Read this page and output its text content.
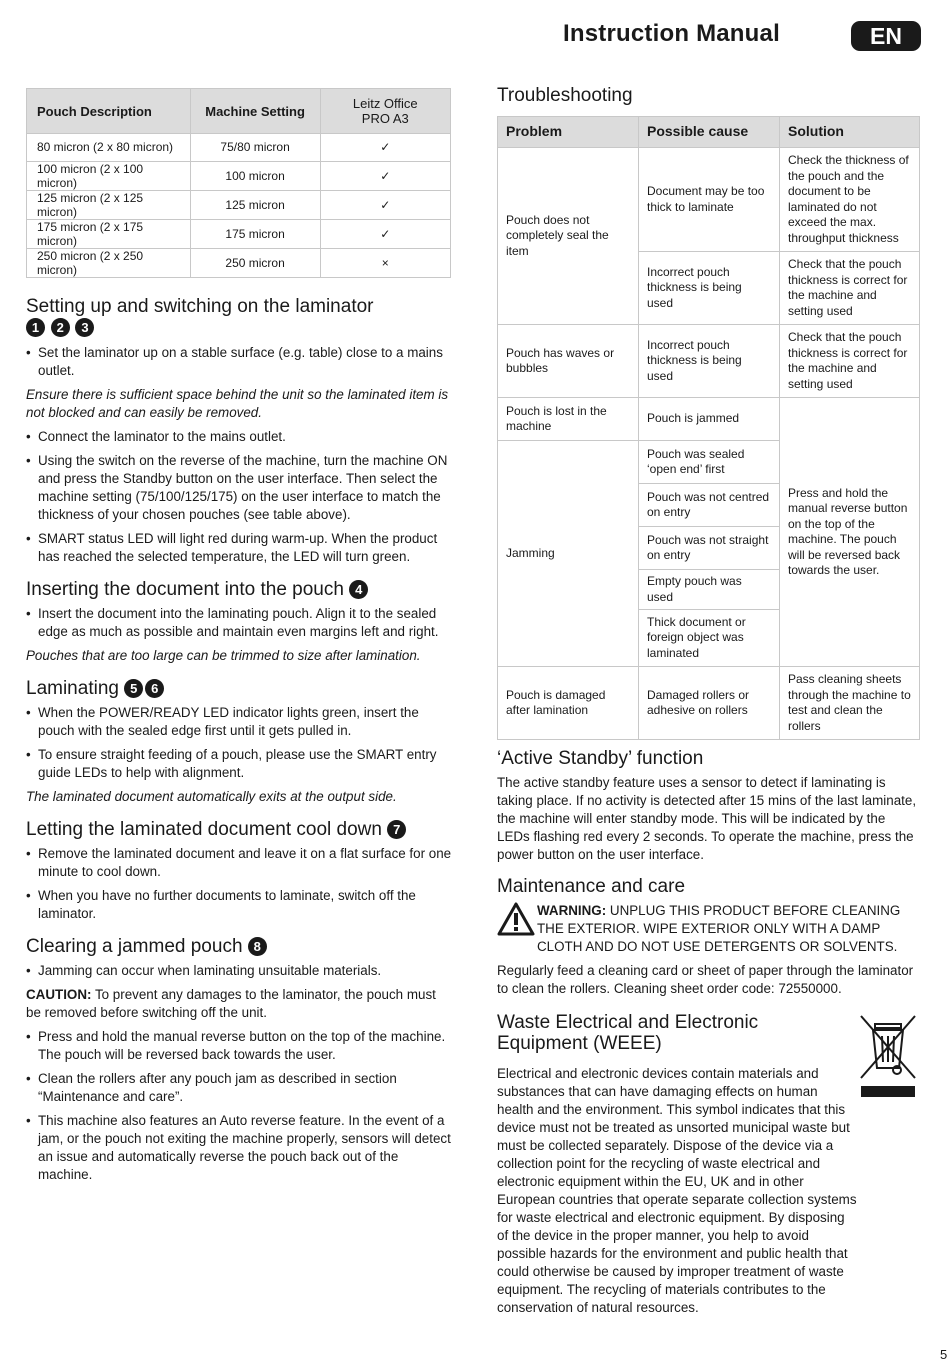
Instruction Manual	EN
Pouch Description	Machine Setting	Leitz Office PRO A3
80 micron (2 x 80 micron)	75/80 micron	✓
100 micron (2 x 100 micron)	100 micron	✓
125 micron (2 x 125 micron)	125 micron	✓
175 micron (2 x 175 micron)	175 micron	✓
250 micron (2 x 250 micron)	250 micron	×
Setting up and switching on the laminator
1 2 3
• Set the laminator up on a stable surface (e.g. table) close to a mains outlet.

Ensure there is sufficient space behind the unit so the laminated item is not blocked and can easily be removed.

• Connect the laminator to the mains outlet.
• Using the switch on the reverse of the machine, turn the machine ON and press the Standby button on the user interface. Then select the machine setting (75/100/125/175) on the user interface to match the thickness of your chosen pouches (see table above).
• SMART status LED will light red during warm-up. When the product has reached the selected temperature, the LED will turn green.
Inserting the document into the pouch 4
• Insert the document into the laminating pouch. Align it to the sealed edge as much as possible and maintain even margins left and right.

Pouches that are too large can be trimmed to size after lamination.

Laminating 5 6
• When the POWER/READY LED indicator lights green, insert the pouch with the sealed edge first until it gets pulled in.
• To ensure straight feeding of a pouch, please use the SMART entry guide LEDs to help with alignment.

The laminated document automatically exits at the output side.

Letting the laminated document cool down 7
• Remove the laminated document and leave it on a flat surface for one minute to cool down.
• When you have no further documents to laminate, switch off the laminator.
Clearing a jammed pouch 8
• Jamming can occur when laminating unsuitable materials.

CAUTION: To prevent any damages to the laminator, the pouch must be removed before switching off the unit.

• Press and hold the manual reverse button on the top of the machine. The pouch will be reversed back towards the user.
• Clean the rollers after any pouch jam as described in section “Maintenance and care”.
• This machine also features an Auto reverse feature. In the event of a jam, or the pouch not exiting the machine properly, sensors will detect an issue and automatically reverse the pouch back out of the machine.
Troubleshooting
Problem	Possible cause	Solution
Pouch does not completely seal the item	Document may be too thick to laminate	Check the thickness of the pouch and the document to be laminated do not exceed the max. throughput thickness
	Incorrect pouch thickness is being used	Check that the pouch thickness is correct for the machine and setting used
Pouch has waves or bubbles	Incorrect pouch thickness is being used	Check that the pouch thickness is correct for the machine and setting used
Pouch is lost in the machine	Pouch is jammed	Press and hold the manual reverse button on the top of the machine. The pouch will be reversed back towards the user.
Jamming	Pouch was sealed ‘open end’ first	
	Pouch was not centred on entry	
	Pouch was not straight on entry	
	Empty pouch was used	
	Thick document or foreign object was laminated	
Pouch is damaged after lamination	Damaged rollers or adhesive on rollers	Pass cleaning sheets through the machine to test and clean the rollers
‘Active Standby’ function

The active standby feature uses a sensor to detect if laminating is taking place. If no activity is detected after 15 mins of the last laminate, the machine will enter standby mode. This will be indicated by the LEDs flashing red every 2 seconds. To operate the machine, press the power button on the user interface.

Maintenance and care
WARNING: UNPLUG THIS PRODUCT BEFORE CLEANING THE EXTERIOR. WIPE EXTERIOR ONLY WITH A DAMP CLOTH AND DO NOT USE DETERGENTS OR SOLVENTS.

Regularly feed a cleaning card or sheet of paper through the laminator to clean the rollers. Cleaning sheet order code: 72550000.

Waste Electrical and Electronic Equipment (WEEE)

Electrical and electronic devices contain materials and substances that can have damaging effects on human health and the environment. This symbol indicates that this device must not be treated as unsorted municipal waste but must be collected separately. Dispose of the device via a collection point for the recycling of waste electrical and electronic equipment within the EU, UK and in other European countries that operate separate collection systems for waste electrical and electronic equipment. By disposing of the device in the proper manner, you help to avoid possible hazards for the environment and public health that could otherwise be caused by improper treatment of waste equipment. The recycling of materials contributes to the conservation of natural resources.

5
